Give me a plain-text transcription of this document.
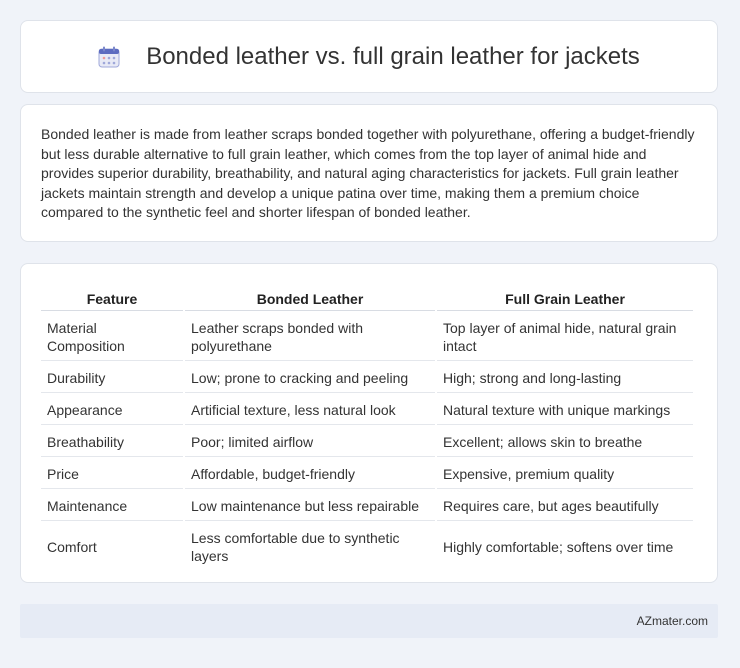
Bonded leather vs. full grain leather for jackets

Bonded leather is made from leather scraps bonded together with polyurethane, offering a budget-friendly but less durable alternative to full grain leather, which comes from the top layer of animal hide and provides superior durability, breathability, and natural aging characteristics for jackets. Full grain leather jackets maintain strength and develop a unique patina over time, making them a premium choice compared to the synthetic feel and shorter lifespan of bonded leather.

Feature	Bonded Leather	Full Grain Leather
Material Composition	Leather scraps bonded with polyurethane	Top layer of animal hide, natural grain intact
Durability	Low; prone to cracking and peeling	High; strong and long-lasting
Appearance	Artificial texture, less natural look	Natural texture with unique markings
Breathability	Poor; limited airflow	Excellent; allows skin to breathe
Price	Affordable, budget-friendly	Expensive, premium quality
Maintenance	Low maintenance but less repairable	Requires care, but ages beautifully
Comfort	Less comfortable due to synthetic layers	Highly comfortable; softens over time
AZmater.com
